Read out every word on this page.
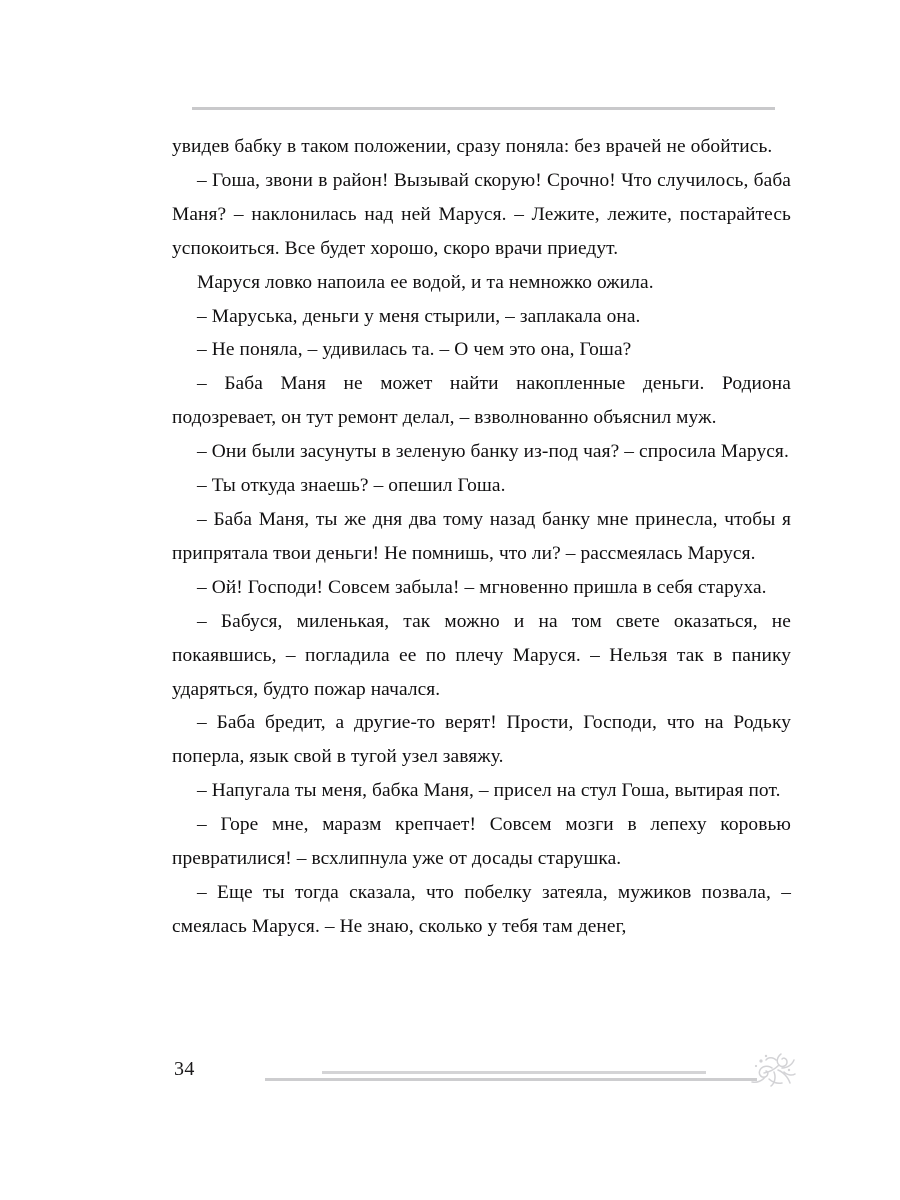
увидев бабку в таком положении, сразу поняла: без врачей не обойтись.

– Гоша, звони в район! Вызывай скорую! Срочно! Что случилось, баба Маня? – наклонилась над ней Маруся. – Лежите, лежите, постарайтесь успокоиться. Все будет хорошо, скоро врачи приедут.

Маруся ловко напоила ее водой, и та немножко ожила.

– Маруська, деньги у меня стырили, – заплакала она.

– Не поняла, – удивилась та. – О чем это она, Гоша?

– Баба Маня не может найти накопленные деньги. Родиона подозревает, он тут ремонт делал, – взволнованно объяснил муж.

– Они были засунуты в зеленую банку из-под чая? – спросила Маруся.

– Ты откуда знаешь? – опешил Гоша.

– Баба Маня, ты же дня два тому назад банку мне принесла, чтобы я припрятала твои деньги! Не помнишь, что ли? – рассмеялась Маруся.

– Ой! Господи! Совсем забыла! – мгновенно пришла в себя старуха.

– Бабуся, миленькая, так можно и на том свете оказаться, не покаявшись, – погладила ее по плечу Маруся. – Нельзя так в панику ударяться, будто пожар начался.

– Баба бредит, а другие-то верят! Прости, Господи, что на Родьку поперла, язык свой в тугой узел завяжу.

– Напугала ты меня, бабка Маня, – присел на стул Гоша, вытирая пот.

– Горе мне, маразм крепчает! Совсем мозги в лепеху коровью превратилися! – всхлипнула уже от досады старушка.

– Еще ты тогда сказала, что побелку затеяла, мужиков позвала, – смеялась Маруся. – Не знаю, сколько у тебя там денег,

34
